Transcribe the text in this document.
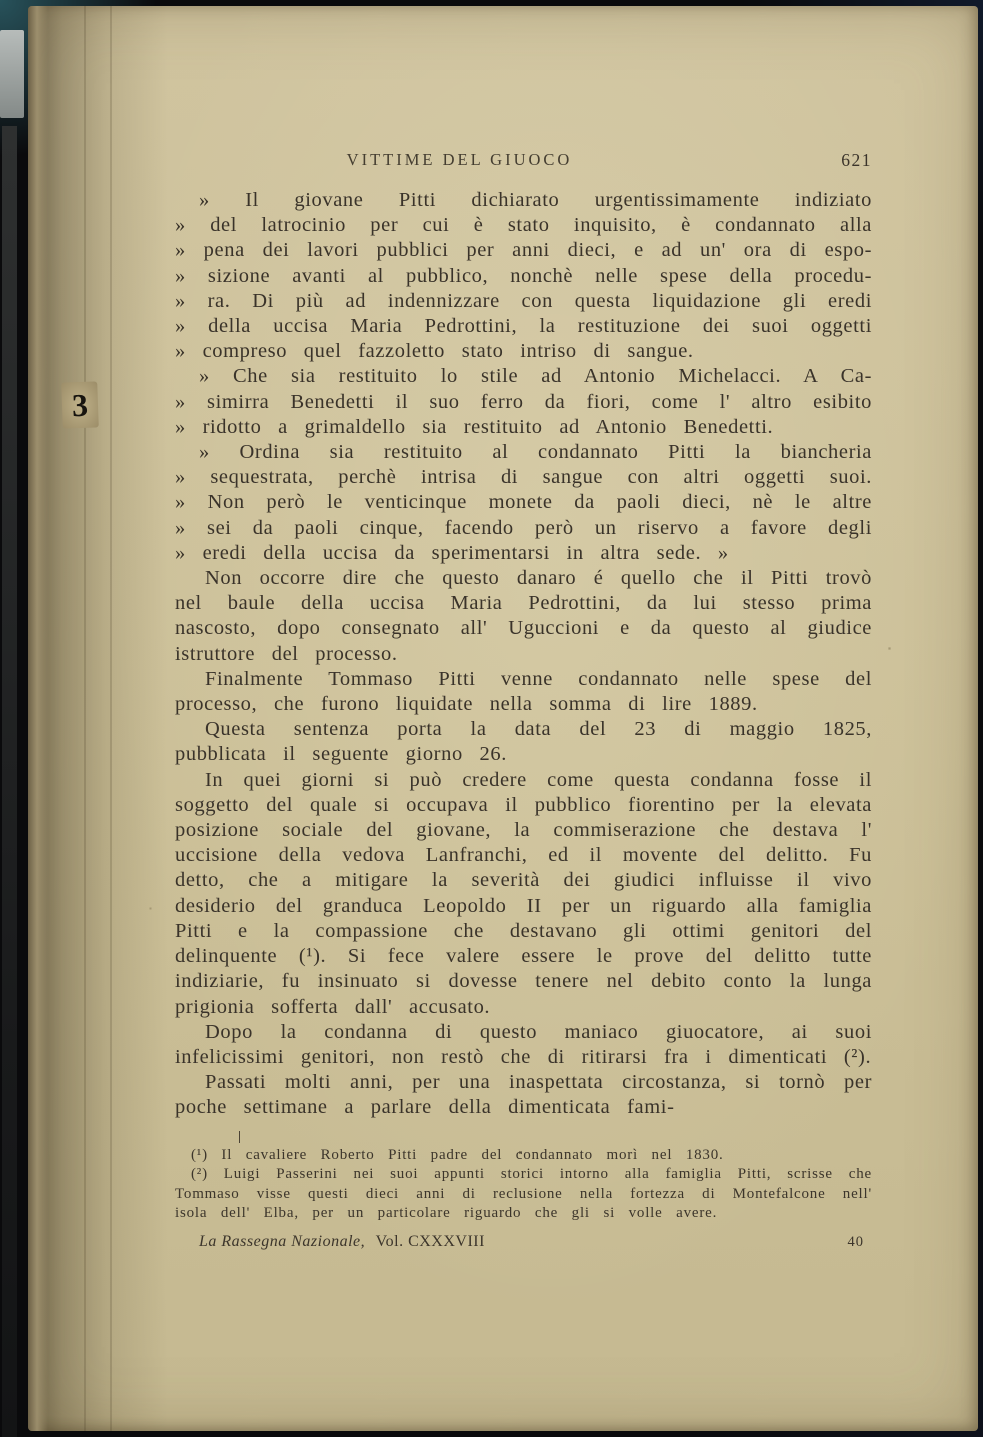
VITTIME DEL GIUOCO	621
» Il giovane Pitti dichiarato urgentissimamente indiziato
» del latrocinio per cui è stato inquisito, è condannato alla
» pena dei lavori pubblici per anni dieci, e ad un' ora di espo-
» sizione avanti al pubblico, nonchè nelle spese della procedu-
» ra. Di più ad indennizzare con questa liquidazione gli eredi
» della uccisa Maria Pedrottini, la restituzione dei suoi oggetti
» compreso quel fazzoletto stato intriso di sangue.
» Che sia restituito lo stile ad Antonio Michelacci. A Ca-
» simirra Benedetti il suo ferro da fiori, come l' altro esibito
» ridotto a grimaldello sia restituito ad Antonio Benedetti.
» Ordina sia restituito al condannato Pitti la biancheria
» sequestrata, perchè intrisa di sangue con altri oggetti suoi.
» Non però le venticinque monete da paoli dieci, nè le altre
» sei da paoli cinque, facendo però un riservo a favore degli
» eredi della uccisa da sperimentarsi in altra sede. »

Non occorre dire che questo danaro é quello che il Pitti trovò nel baule della uccisa Maria Pedrottini, da lui stesso prima nascosto, dopo consegnato all' Uguccioni e da questo al giudice istruttore del processo.

Finalmente Tommaso Pitti venne condannato nelle spese del processo, che furono liquidate nella somma di lire 1889.

Questa sentenza porta la data del 23 di maggio 1825, pubblicata il seguente giorno 26.

In quei giorni si può credere come questa condanna fosse il soggetto del quale si occupava il pubblico fiorentino per la elevata posizione sociale del giovane, la commiserazione che destava l' uccisione della vedova Lanfranchi, ed il movente del delitto. Fu detto, che a mitigare la severità dei giudici influisse il vivo desiderio del granduca Leopoldo II per un riguardo alla famiglia Pitti e la compassione che destavano gli ottimi genitori del delinquente (¹). Si fece valere essere le prove del delitto tutte indiziarie, fu insinuato si dovesse tenere nel debito conto la lunga prigionia sofferta dall' accusato.

Dopo la condanna di questo maniaco giuocatore, ai suoi infelicissimi genitori, non restò che di ritirarsi fra i dimenticati (²).

Passati molti anni, per una inaspettata circostanza, si tornò per poche settimane a parlare della dimenticata fami-

(¹) Il cavaliere Roberto Pitti padre del condannato morì nel 1830.

(²) Luigi Passerini nei suoi appunti storici intorno alla famiglia Pitti, scrisse che Tommaso visse questi dieci anni di reclusione nella fortezza di Montefalcone nell' isola dell' Elba, per un particolare riguardo che gli si volle avere.

La Rassegna Nazionale, Vol. CXXXVIII	40
3
